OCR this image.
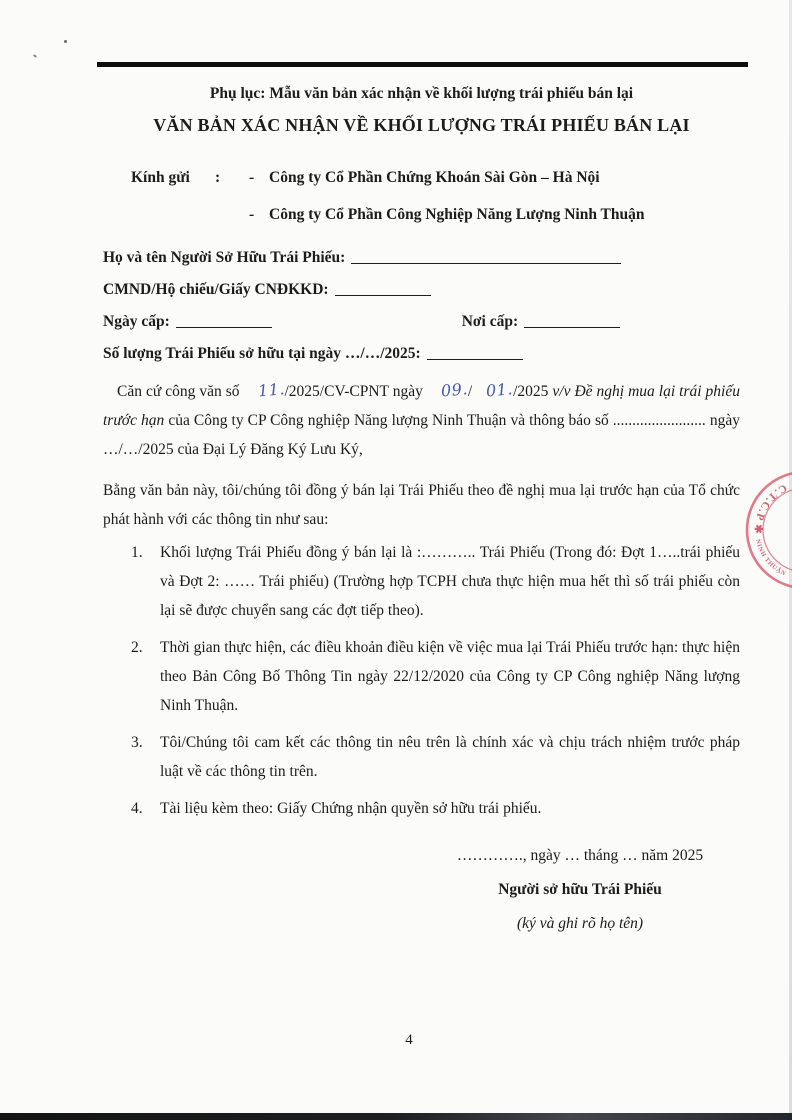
Phụ lục: Mẫu văn bản xác nhận về khối lượng trái phiếu bán lại
VĂN BẢN XÁC NHẬN VỀ KHỐI LƯỢNG TRÁI PHIẾU BÁN LẠI
Kính gửi	:	- Công ty Cổ Phần Chứng Khoán Sài Gòn – Hà Nội
- Công ty Cổ Phần Công Nghiệp Năng Lượng Ninh Thuận
Họ và tên Người Sở Hữu Trái Phiếu:
CMND/Hộ chiếu/Giấy CNĐKKD:
Ngày cấp:	Nơi cấp:
Số lượng Trái Phiếu sở hữu tại ngày …/…/2025:
Căn cứ công văn số 11./2025/CV-CPNT ngày 09./ 01./2025 v/v Đề nghị mua lại trái phiếu trước hạn của Công ty CP Công nghiệp Năng lượng Ninh Thuận và thông báo số ........................ ngày …/…/2025 của Đại Lý Đăng Ký Lưu Ký,
Bằng văn bản này, tôi/chúng tôi đồng ý bán lại Trái Phiếu theo đề nghị mua lại trước hạn của Tổ chức phát hành với các thông tin như sau:
1. Khối lượng Trái Phiếu đồng ý bán lại là :……….. Trái Phiếu (Trong đó: Đợt 1…..trái phiếu và Đợt 2: …… Trái phiếu) (Trường hợp TCPH chưa thực hiện mua hết thì số trái phiếu còn lại sẽ được chuyển sang các đợt tiếp theo).
2. Thời gian thực hiện, các điều khoản điều kiện về việc mua lại Trái Phiếu trước hạn: thực hiện theo Bản Công Bố Thông Tin ngày 22/12/2020 của Công ty CP Công nghiệp Năng lượng Ninh Thuận.
3. Tôi/Chúng tôi cam kết các thông tin nêu trên là chính xác và chịu trách nhiệm trước pháp luật về các thông tin trên.
4. Tài liệu kèm theo: Giấy Chứng nhận quyền sở hữu trái phiếu.
…………., ngày … tháng … năm 2025
Người sở hữu Trái Phiếu
(ký và ghi rõ họ tên)
C.T.C.P ✱
NINH THUẬN
4
